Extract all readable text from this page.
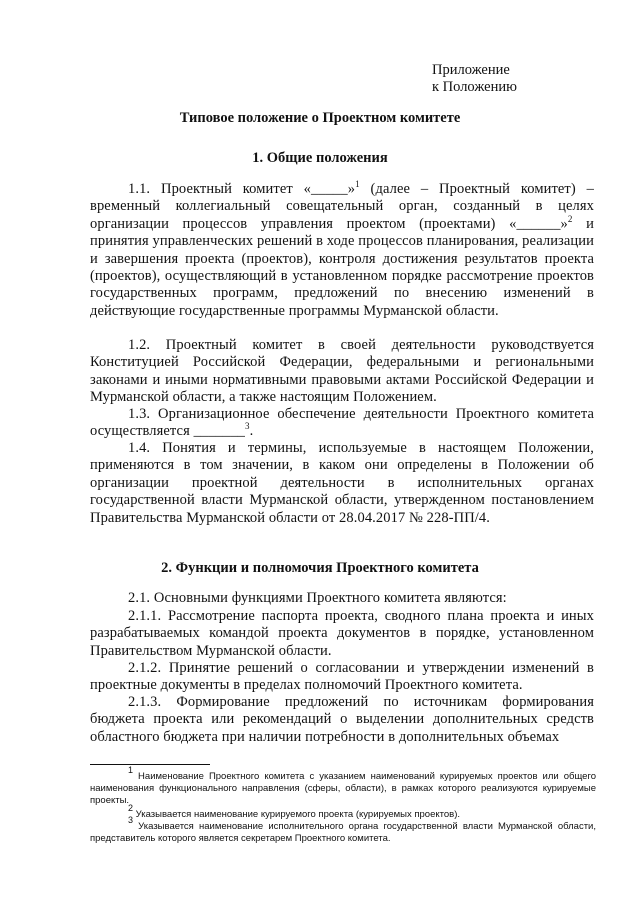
Приложение
к Положению
Типовое положение о Проектном комитете
1. Общие положения
1.1. Проектный комитет «_____»$^1$ (далее – Проектный комитет) – временный коллегиальный совещательный орган, созданный в целях организации процессов управления проектом (проектами) «______»$^2$ и принятия управленческих решений в ходе процессов планирования, реализации и завершения проекта (проектов), контроля достижения результатов проекта (проектов), осуществляющий в установленном порядке рассмотрение проектов государственных программ, предложений по внесению изменений в действующие государственные программы Мурманской области.
1.2. Проектный комитет в своей деятельности руководствуется Конституцией Российской Федерации, федеральными и региональными законами и иными нормативными правовыми актами Российской Федерации и Мурманской области, а также настоящим Положением.
1.3. Организационное обеспечение деятельности Проектного комитета осуществляется _______$^3$.
1.4. Понятия и термины, используемые в настоящем Положении, применяются в том значении, в каком они определены в Положении об организации проектной деятельности в исполнительных органах государственной власти Мурманской области, утвержденном постановлением Правительства Мурманской области от 28.04.2017 № 228-ПП/4.
2. Функции и полномочия Проектного комитета
2.1. Основными функциями Проектного комитета являются:
2.1.1. Рассмотрение паспорта проекта, сводного плана проекта и иных разрабатываемых командой проекта документов в порядке, установленном Правительством Мурманской области.
2.1.2. Принятие решений о согласовании и утверждении изменений в проектные документы в пределах полномочий Проектного комитета.
2.1.3. Формирование предложений по источникам формирования бюджета проекта или рекомендаций о выделении дополнительных средств областного бюджета при наличии потребности в дополнительных объемах
$^1$ Наименование Проектного комитета с указанием наименований курируемых проектов или общего наименования функционального направления (сферы, области), в рамках которого реализуются курируемые проекты.
$^2$ Указывается наименование курируемого проекта (курируемых проектов).
$^3$ Указывается наименование исполнительного органа государственной власти Мурманской области, представитель которого является секретарем Проектного комитета.
